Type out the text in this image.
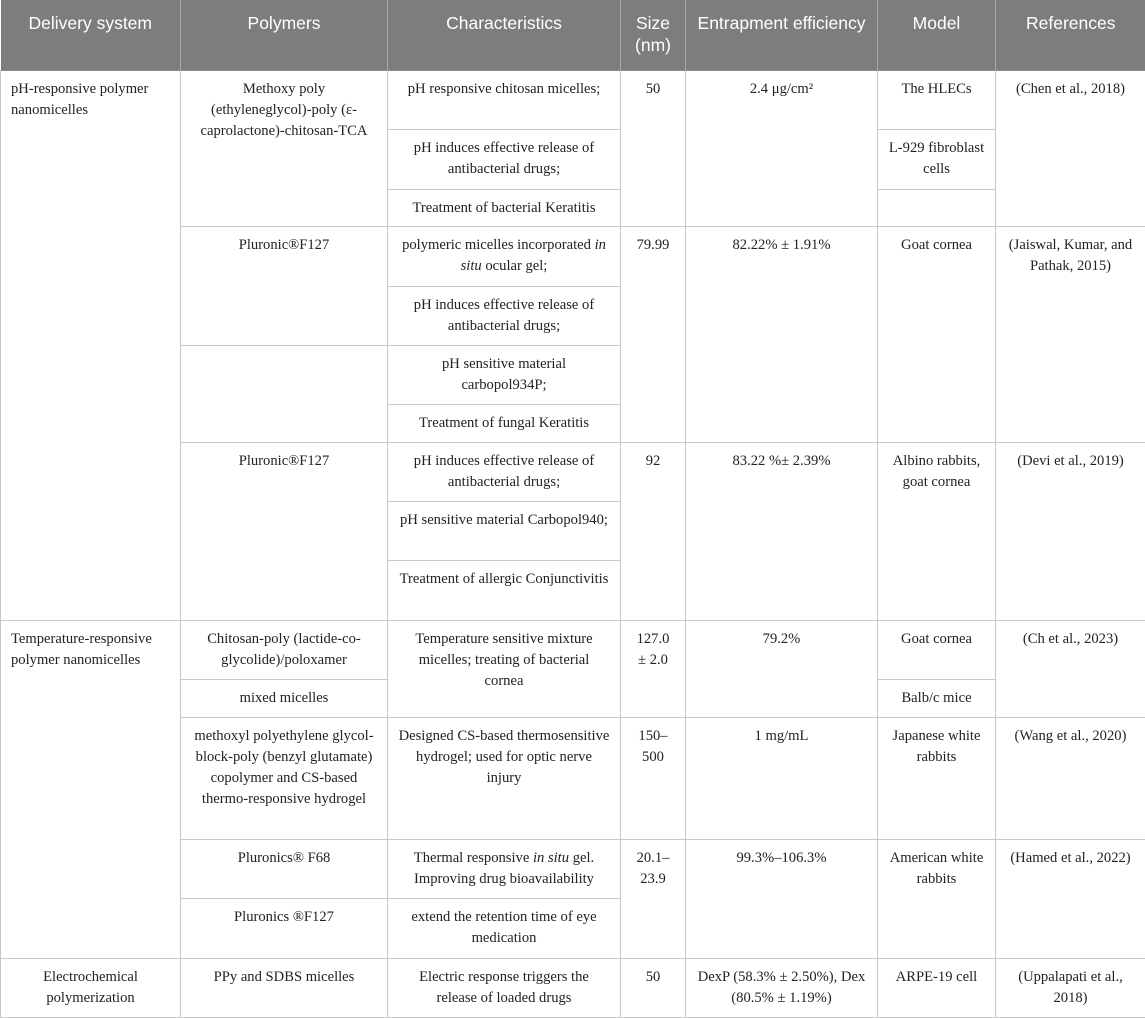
Delivery system	Polymers	Characteristics	Size (nm)	Entrapment efficiency	Model	References
pH-responsive polymer nanomicelles	Methoxy poly (ethyleneglycol)-poly (ε-caprolactone)-chitosan-TCA	pH responsive chitosan micelles;	50	2.4 μg/cm²	The HLECs	(Chen et al., 2018)
		pH induces effective release of antibacterial drugs;			L-929 fibroblast cells	
		Treatment of bacterial Keratitis				
	Pluronic®F127	polymeric micelles incorporated in situ ocular gel;	79.99	82.22% ± 1.91%	Goat cornea	(Jaiswal, Kumar, and Pathak, 2015)
		pH induces effective release of antibacterial drugs;				
		pH sensitive material carbopol934P;				
		Treatment of fungal Keratitis				
	Pluronic®F127	pH induces effective release of antibacterial drugs;	92	83.22 %± 2.39%	Albino rabbits, goat cornea	(Devi et al., 2019)
		pH sensitive material Carbopol940;				
		Treatment of allergic Conjunctivitis				
Temperature-responsive polymer nanomicelles	Chitosan-poly (lactide-co-glycolide)/poloxamer	Temperature sensitive mixture micelles; treating of bacterial cornea	127.0 ± 2.0	79.2%	Goat cornea	(Ch et al., 2023)
	mixed micelles				Balb/c mice	
	methoxyl polyethylene glycol-block-poly (benzyl glutamate) copolymer and CS-based thermo-responsive hydrogel	Designed CS-based thermosensitive hydrogel; used for optic nerve injury	150–500	1 mg/mL	Japanese white rabbits	(Wang et al., 2020)
	Pluronics® F68	Thermal responsive in situ gel. Improving drug bioavailability	20.1–23.9	99.3%–106.3%	American white rabbits	(Hamed et al., 2022)
	Pluronics ®F127	extend the retention time of eye medication				
Electrochemical polymerization	PPy and SDBS micelles	Electric response triggers the release of loaded drugs	50	DexP (58.3% ± 2.50%), Dex (80.5% ± 1.19%)	ARPE-19 cell	(Uppalapati et al., 2018)
